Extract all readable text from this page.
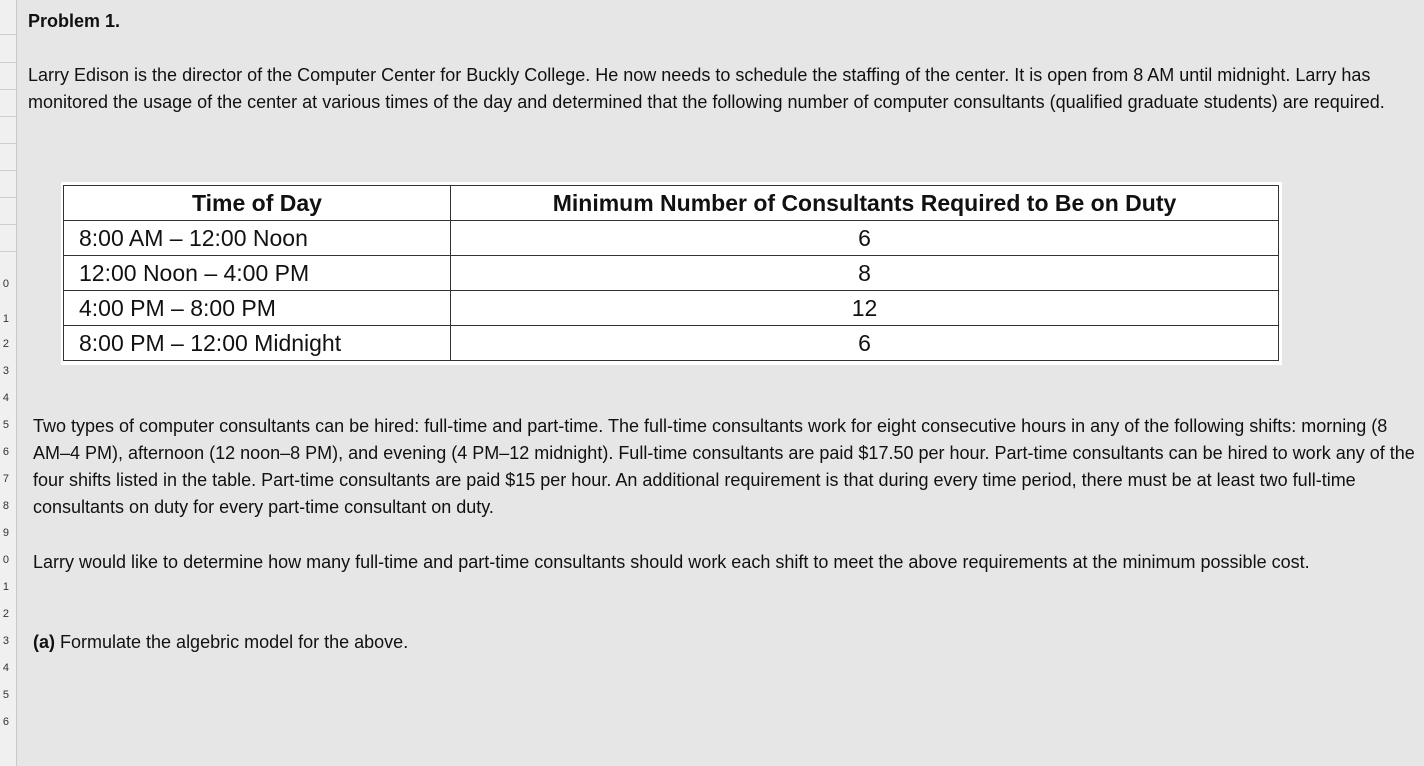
0
1
2
3
4
5
6
7
8
9
0
1
2
3
4
5
6
Problem 1.
Larry Edison is the director of the Computer Center for Buckly College. He now needs to schedule the staffing of the center. It is open from 8 AM until midnight. Larry has monitored the usage of the center at various times of the day and determined that the following number of computer consultants (qualified graduate students) are required.
Time of Day	Minimum Number of Consultants Required to Be on Duty
8:00 AM – 12:00 Noon	6
12:00 Noon – 4:00 PM	8
4:00 PM – 8:00 PM	12
8:00 PM – 12:00 Midnight	6
Two types of computer consultants can be hired: full-time and part-time. The full-time consultants work for eight consecutive hours in any of the following shifts: morning (8 AM–4 PM), afternoon (12 noon–8 PM), and evening (4 PM–12 midnight). Full-time consultants are paid $17.50 per hour. Part-time consultants can be hired to work any of the four shifts listed in the table. Part-time consultants are paid $15 per hour. An additional requirement is that during every time period, there must be at least two full-time consultants on duty for every part-time consultant on duty.
Larry would like to determine how many full-time and part-time consultants should work each shift to meet the above requirements at the minimum possible cost.
(a) Formulate the algebric model for the above.
